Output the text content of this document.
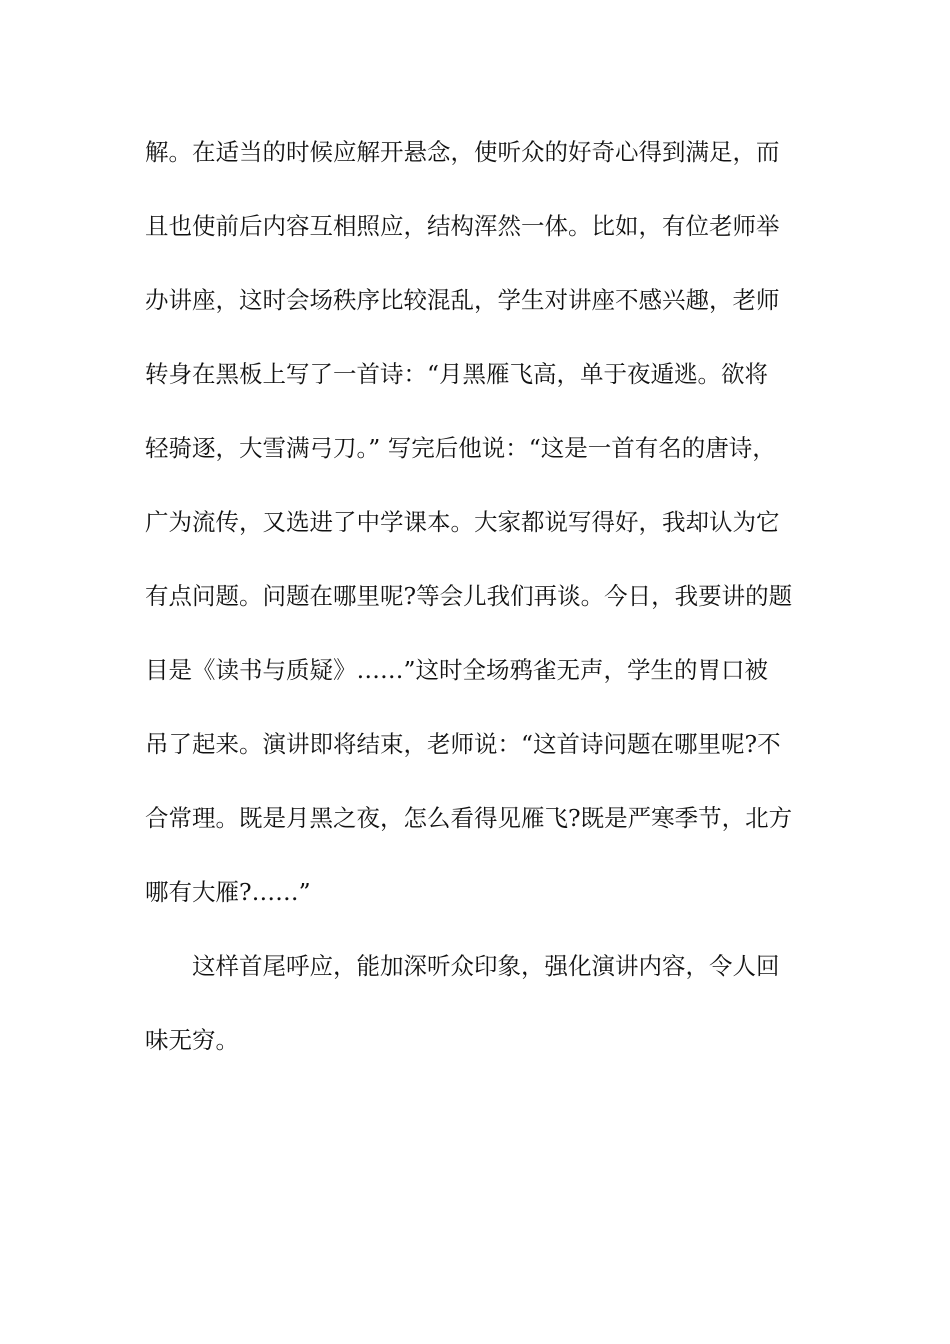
解。在适当的时候应解开悬念，使听众的好奇心得到满足，而
且也使前后内容互相照应，结构浑然一体。比如，有位老师举
办讲座，这时会场秩序比较混乱，学生对讲座不感兴趣，老师
转身在黑板上写了一首诗：“月黑雁飞高，单于夜遁逃。欲将
轻骑逐，大雪满弓刀。” 写完后他说：“这是一首有名的唐诗，
广为流传，又选进了中学课本。大家都说写得好，我却认为它
有点问题。问题在哪里呢?等会儿我们再谈。今日，我要讲的题
目是《读书与质疑》……”这时全场鸦雀无声，学生的胃口被
吊了起来。演讲即将结束，老师说：“这首诗问题在哪里呢?不
合常理。既是月黑之夜，怎么看得见雁飞?既是严寒季节，北方
哪有大雁?……”
这样首尾呼应，能加深听众印象，强化演讲内容，令人回
味无穷。
